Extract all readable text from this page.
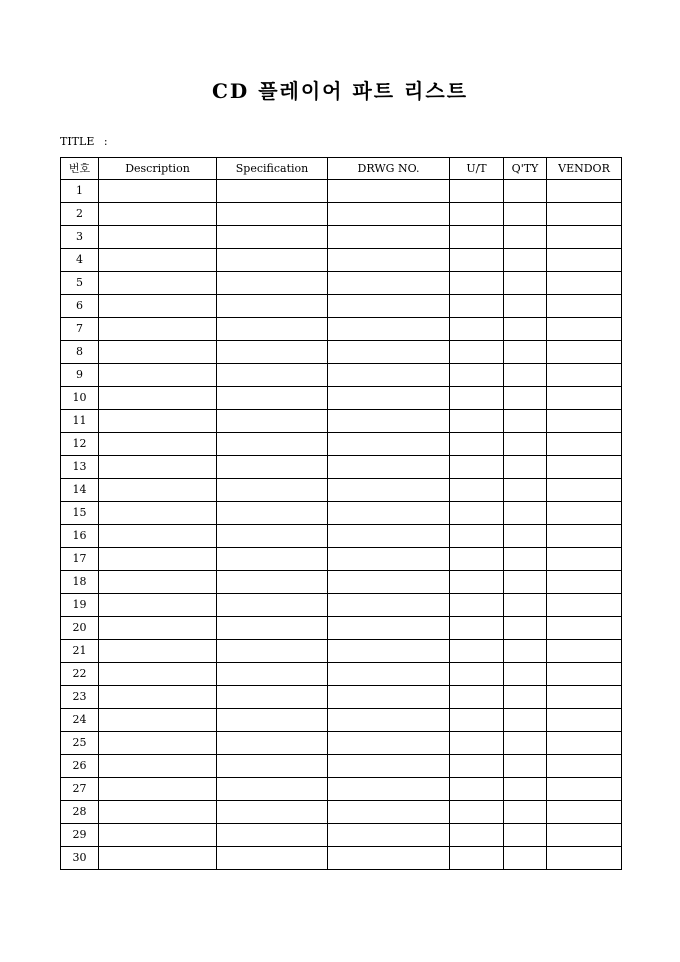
CD 플레이어 파트 리스트
TITLE :
번호	Description	Specification	DRWG NO.	U/T	Q'TY	VENDOR
1						
2						
3						
4						
5						
6						
7						
8						
9						
10						
11						
12						
13						
14						
15						
16						
17						
18						
19						
20						
21						
22						
23						
24						
25						
26						
27						
28						
29						
30						
